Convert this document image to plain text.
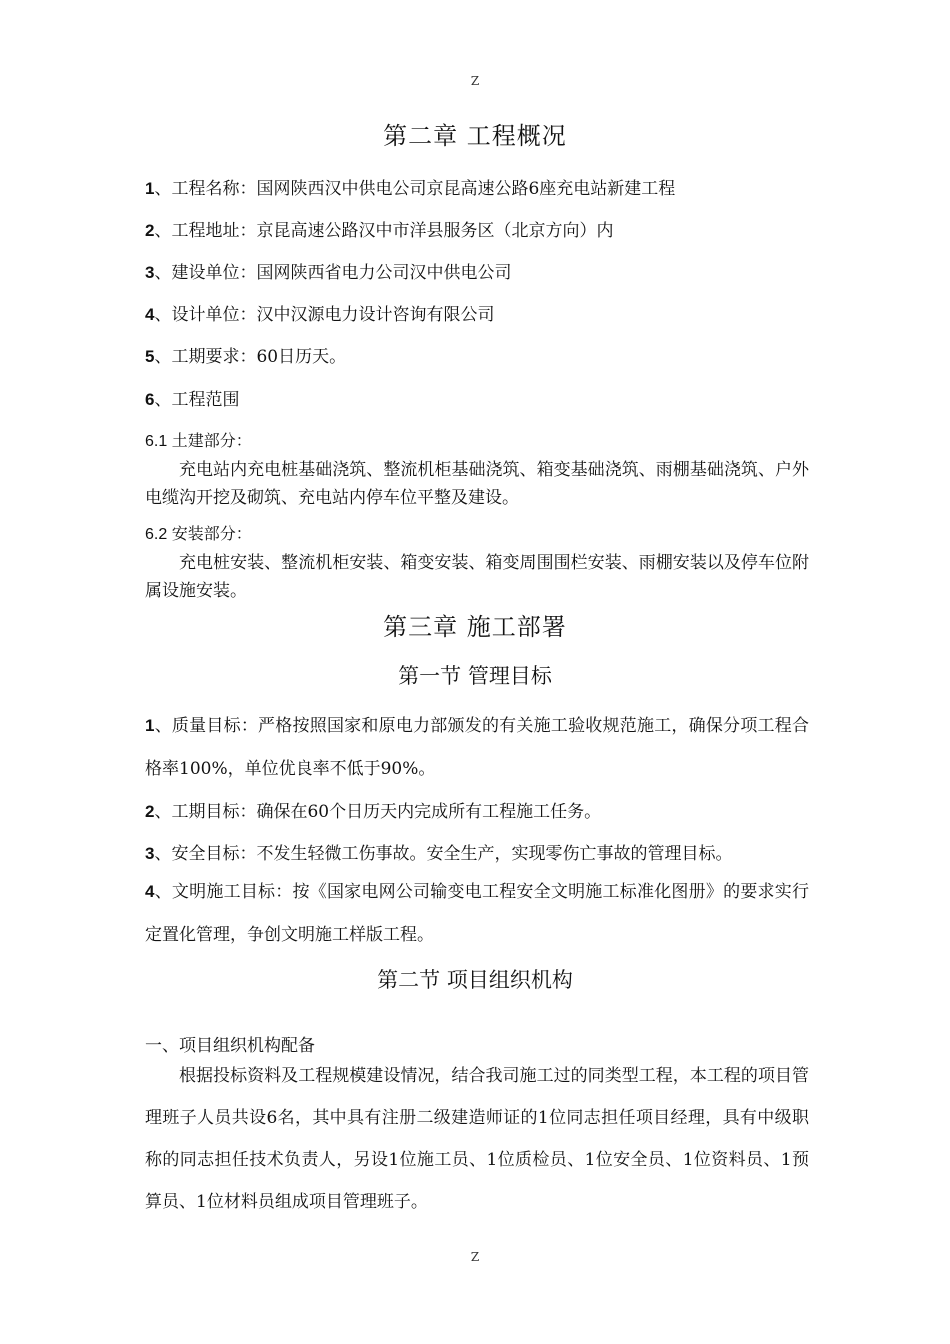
Z
第二章 工程概况
1、工程名称：国网陕西汉中供电公司京昆高速公路6座充电站新建工程
2、工程地址：京昆高速公路汉中市洋县服务区（北京方向）内
3、建设单位：国网陕西省电力公司汉中供电公司
4、设计单位：汉中汉源电力设计咨询有限公司
5、工期要求：60日历天。
6、工程范围
6.1 土建部分：
充电站内充电桩基础浇筑、整流机柜基础浇筑、箱变基础浇筑、雨棚基础浇筑、户外电缆沟开挖及砌筑、充电站内停车位平整及建设。
6.2 安装部分：
充电桩安装、整流机柜安装、箱变安装、箱变周围围栏安装、雨棚安装以及停车位附属设施安装。
第三章 施工部署
第一节 管理目标
1、质量目标：严格按照国家和原电力部颁发的有关施工验收规范施工，确保分项工程合格率100%，单位优良率不低于90%。
2、工期目标：确保在60个日历天内完成所有工程施工任务。
3、安全目标：不发生轻微工伤事故。安全生产，实现零伤亡事故的管理目标。
4、文明施工目标：按《国家电网公司输变电工程安全文明施工标准化图册》的要求实行定置化管理，争创文明施工样版工程。
第二节 项目组织机构
一、项目组织机构配备
根据投标资料及工程规模建设情况，结合我司施工过的同类型工程，本工程的项目管理班子人员共设6名，其中具有注册二级建造师证的1位同志担任项目经理，具有中级职称的同志担任技术负责人，另设1位施工员、1位质检员、1位安全员、1位资料员、1预算员、1位材料员组成项目管理班子。
Z
